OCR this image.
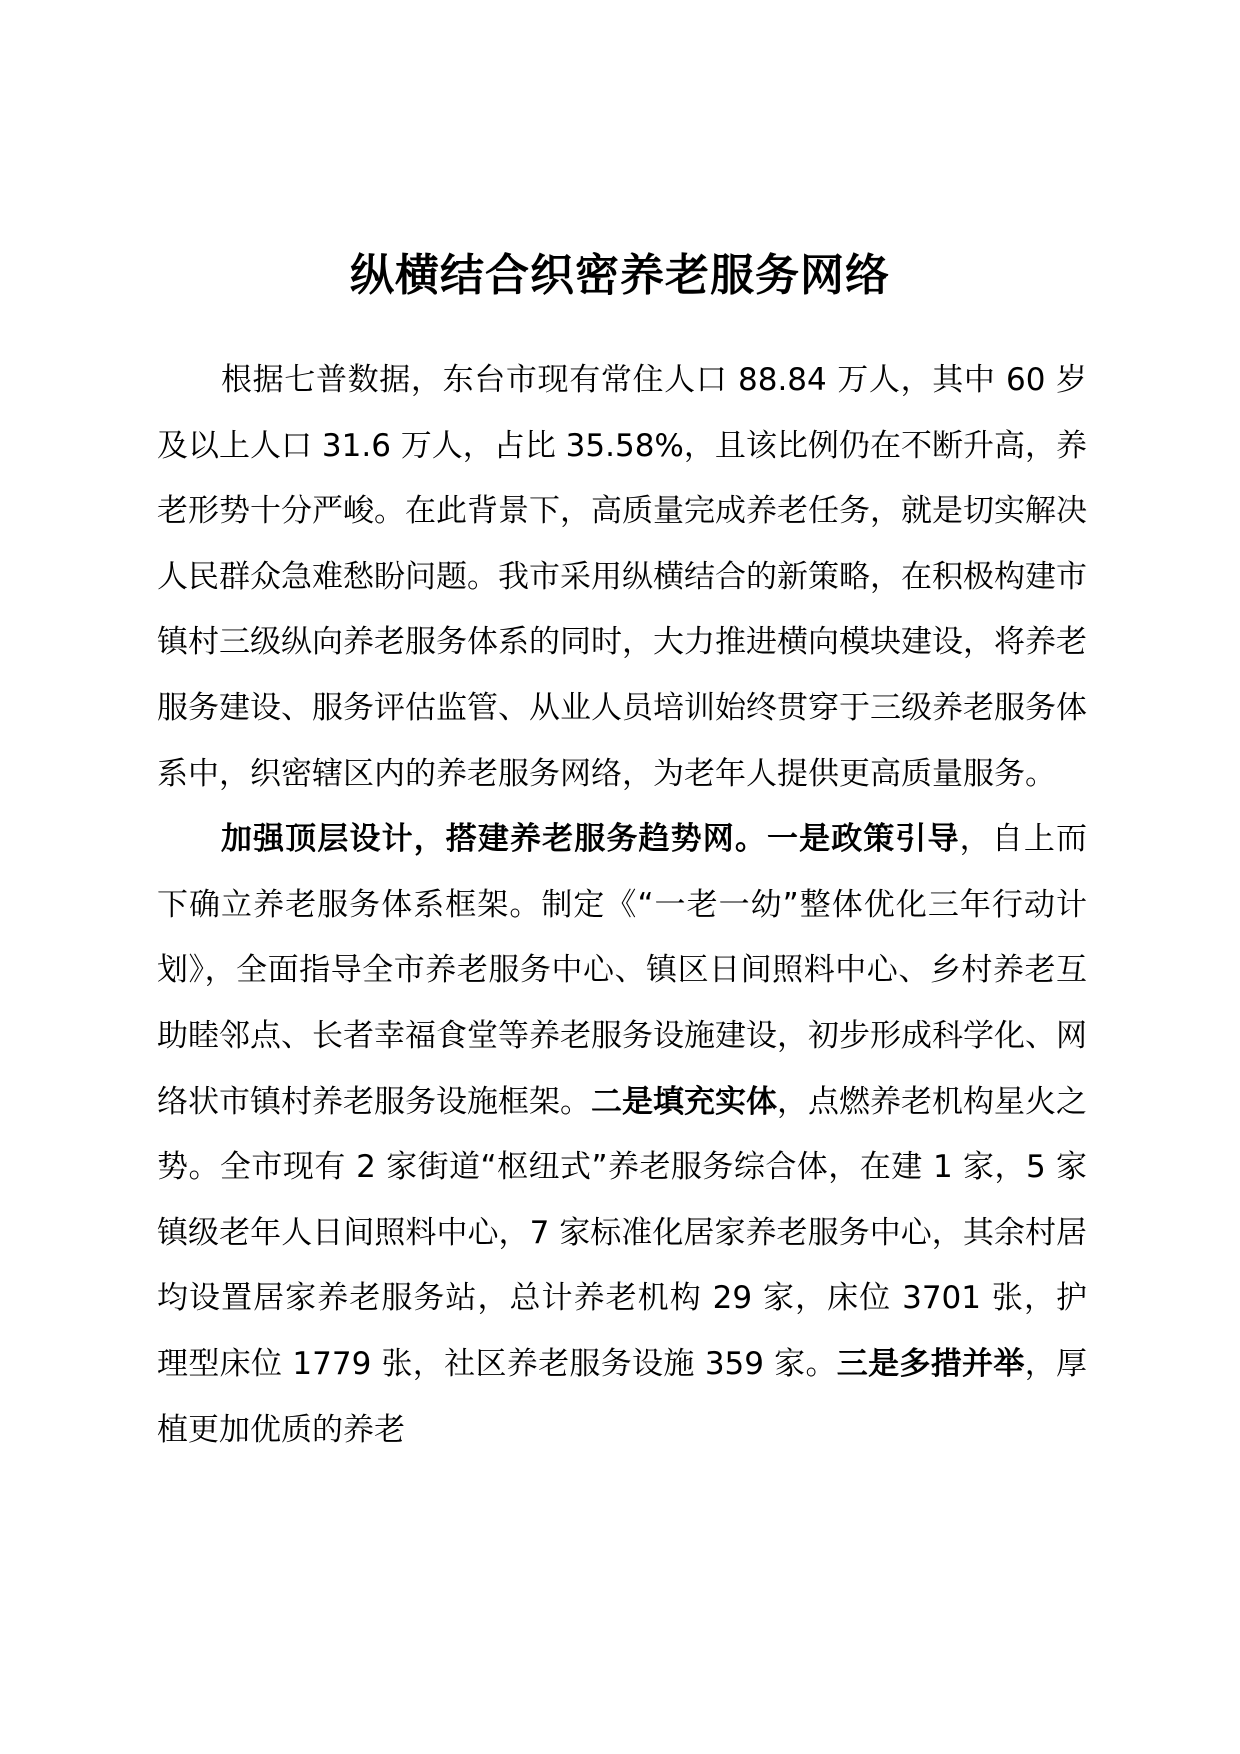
纵横结合织密养老服务网络

根据七普数据，东台市现有常住人口 88.84 万人，其中 60 岁及以上人口 31.6 万人，占比 35.58%，且该比例仍在不断升高，养老形势十分严峻。在此背景下，高质量完成养老任务，就是切实解决人民群众急难愁盼问题。我市采用纵横结合的新策略，在积极构建市镇村三级纵向养老服务体系的同时，大力推进横向模块建设，将养老服务建设、服务评估监管、从业人员培训始终贯穿于三级养老服务体系中，织密辖区内的养老服务网络，为老年人提供更高质量服务。

加强顶层设计，搭建养老服务趋势网。一是政策引导，自上而下确立养老服务体系框架。制定《“一老一幼”整体优化三年行动计划》，全面指导全市养老服务中心、镇区日间照料中心、乡村养老互助睦邻点、长者幸福食堂等养老服务设施建设，初步形成科学化、网络状市镇村养老服务设施框架。二是填充实体，点燃养老机构星火之势。全市现有 2 家街道“枢纽式”养老服务综合体，在建 1 家，5 家镇级老年人日间照料中心，7 家标准化居家养老服务中心，其余村居均设置居家养老服务站，总计养老机构 29 家，床位 3701 张，护理型床位 1779 张，社区养老服务设施 359 家。三是多措并举，厚植更加优质的养老
